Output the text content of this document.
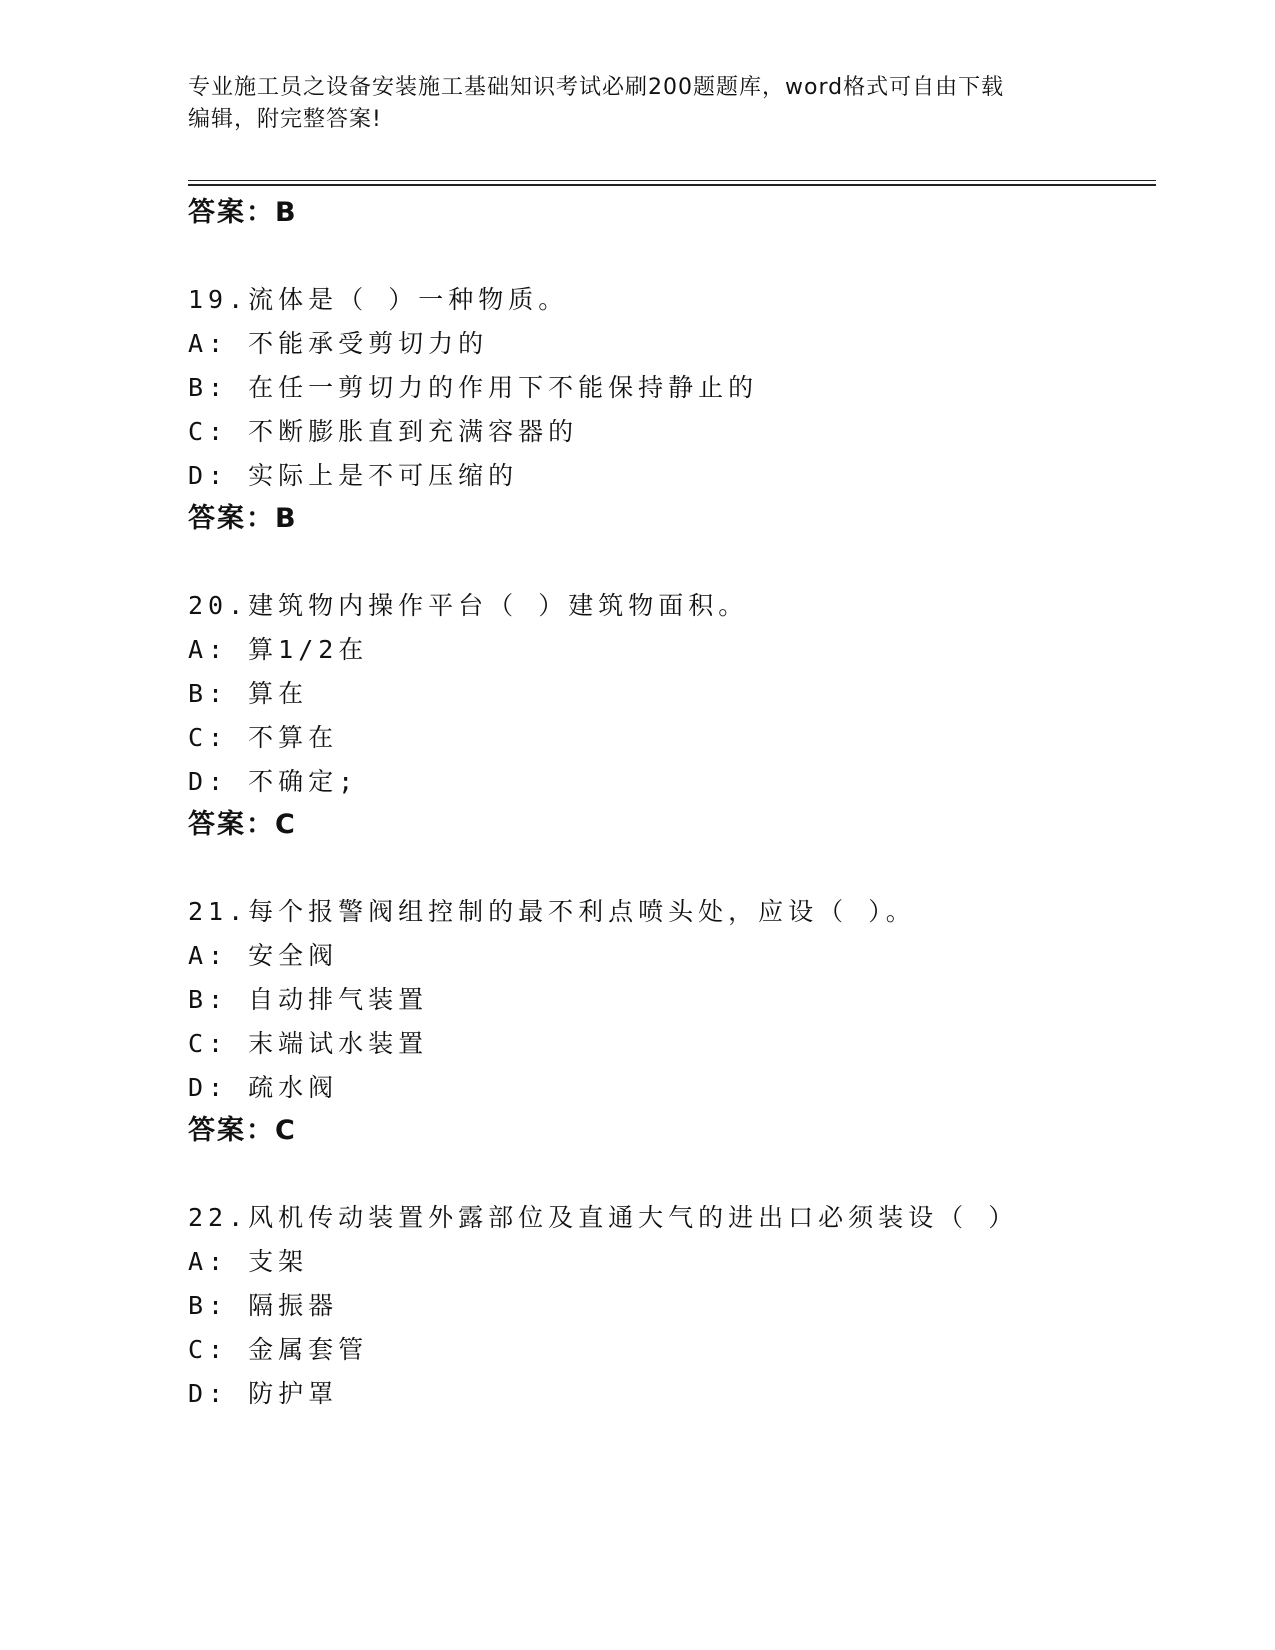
专业施工员之设备安装施工基础知识考试必刷200题题库，word格式可自由下载
编辑，附完整答案!
答案：B
19.流体是（ ）一种物质。
A: 不能承受剪切力的
B: 在任一剪切力的作用下不能保持静止的
C: 不断膨胀直到充满容器的
D: 实际上是不可压缩的
答案：B
20.建筑物内操作平台（ ）建筑物面积。
A: 算1/2在
B: 算在
C: 不算在
D: 不确定;
答案：C
21.每个报警阀组控制的最不利点喷头处，应设（ ）。
A: 安全阀
B: 自动排气装置
C: 末端试水装置
D: 疏水阀
答案：C
22.风机传动装置外露部位及直通大气的进出口必须装设（ ）
A: 支架
B: 隔振器
C: 金属套管
D: 防护罩
